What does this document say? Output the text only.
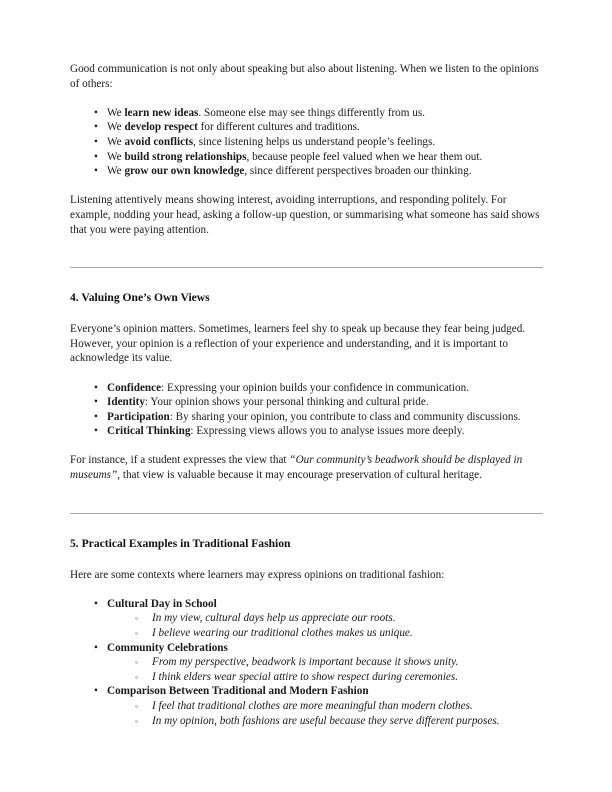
Good communication is not only about speaking but also about listening. When we listen to the opinions of others:

•
We learn new ideas. Someone else may see things differently from us.
•
We develop respect for different cultures and traditions.
•
We avoid conflicts, since listening helps us understand people’s feelings.
•
We build strong relationships, because people feel valued when we hear them out.
•
We grow our own knowledge, since different perspectives broaden our thinking.

Listening attentively means showing interest, avoiding interruptions, and responding politely. For example, nodding your head, asking a follow-up question, or summarising what someone has said shows that you were paying attention.

4. Valuing One’s Own Views

Everyone’s opinion matters. Sometimes, learners feel shy to speak up because they fear being judged. However, your opinion is a reflection of your experience and understanding, and it is important to acknowledge its value.

•
Confidence: Expressing your opinion builds your confidence in communication.
•
Identity: Your opinion shows your personal thinking and cultural pride.
•
Participation: By sharing your opinion, you contribute to class and community discussions.
•
Critical Thinking: Expressing views allows you to analyse issues more deeply.

For instance, if a student expresses the view that “Our community’s beadwork should be displayed in museums”, that view is valuable because it may encourage preservation of cultural heritage.

5. Practical Examples in Traditional Fashion

Here are some contexts where learners may express opinions on traditional fashion:

•
Cultural Day in School
◦
In my view, cultural days help us appreciate our roots.
◦
I believe wearing our traditional clothes makes us unique.
•
Community Celebrations
◦
From my perspective, beadwork is important because it shows unity.
◦
I think elders wear special attire to show respect during ceremonies.
•
Comparison Between Traditional and Modern Fashion
◦
I feel that traditional clothes are more meaningful than modern clothes.
◦
In my opinion, both fashions are useful because they serve different purposes.
